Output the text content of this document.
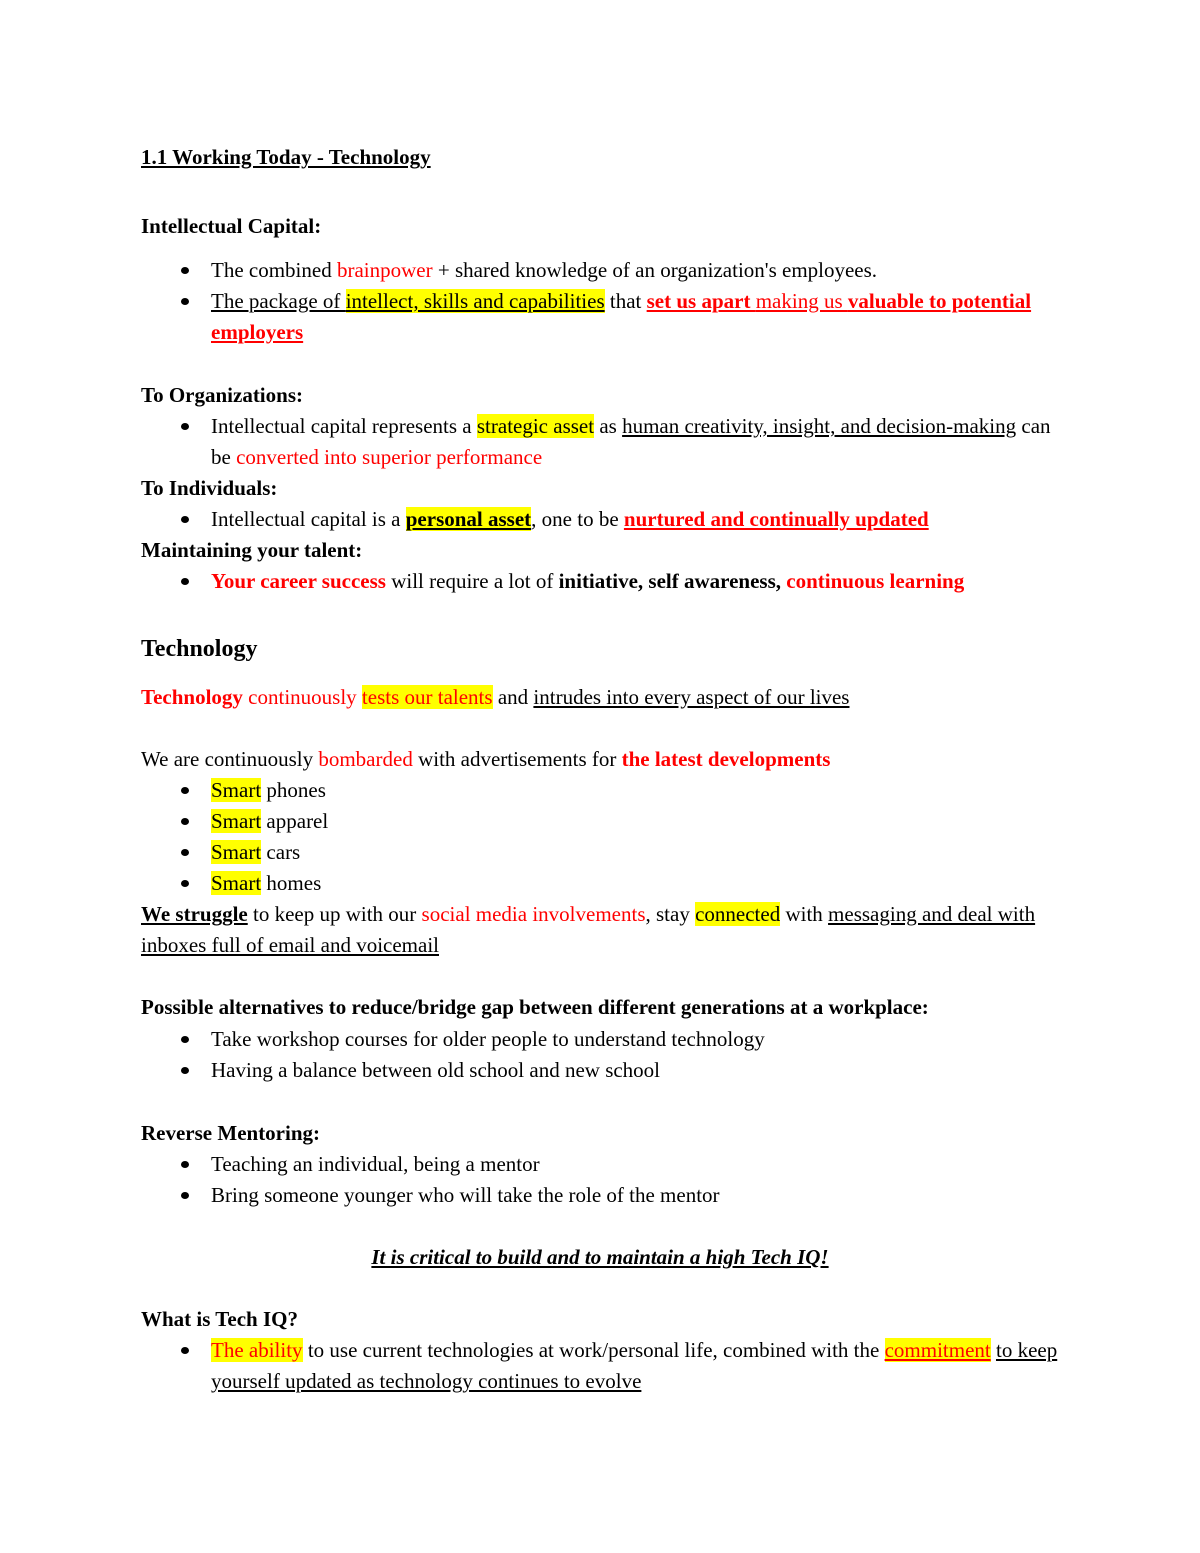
1.1 Working Today - Technology
Intellectual Capital:
The combined brainpower + shared knowledge of an organization's employees.
The package of intellect, skills and capabilities that set us apart making us valuable to potential employers
To Organizations:
Intellectual capital represents a strategic asset as human creativity, insight, and decision-making can be converted into superior performance
To Individuals:
Intellectual capital is a personal asset, one to be nurtured and continually updated
Maintaining your talent:
Your career success will require a lot of initiative, self awareness, continuous learning
Technology
Technology continuously tests our talents and intrudes into every aspect of our lives
We are continuously bombarded with advertisements for the latest developments
Smart phones
Smart apparel
Smart cars
Smart homes
We struggle to keep up with our social media involvements, stay connected with messaging and deal with inboxes full of email and voicemail
Possible alternatives to reduce/bridge gap between different generations at a workplace:
Take workshop courses for older people to understand technology
Having a balance between old school and new school
Reverse Mentoring:
Teaching an individual, being a mentor
Bring someone younger who will take the role of the mentor
It is critical to build and to maintain a high Tech IQ!
What is Tech IQ?
The ability to use current technologies at work/personal life, combined with the commitment to keep yourself updated as technology continues to evolve
